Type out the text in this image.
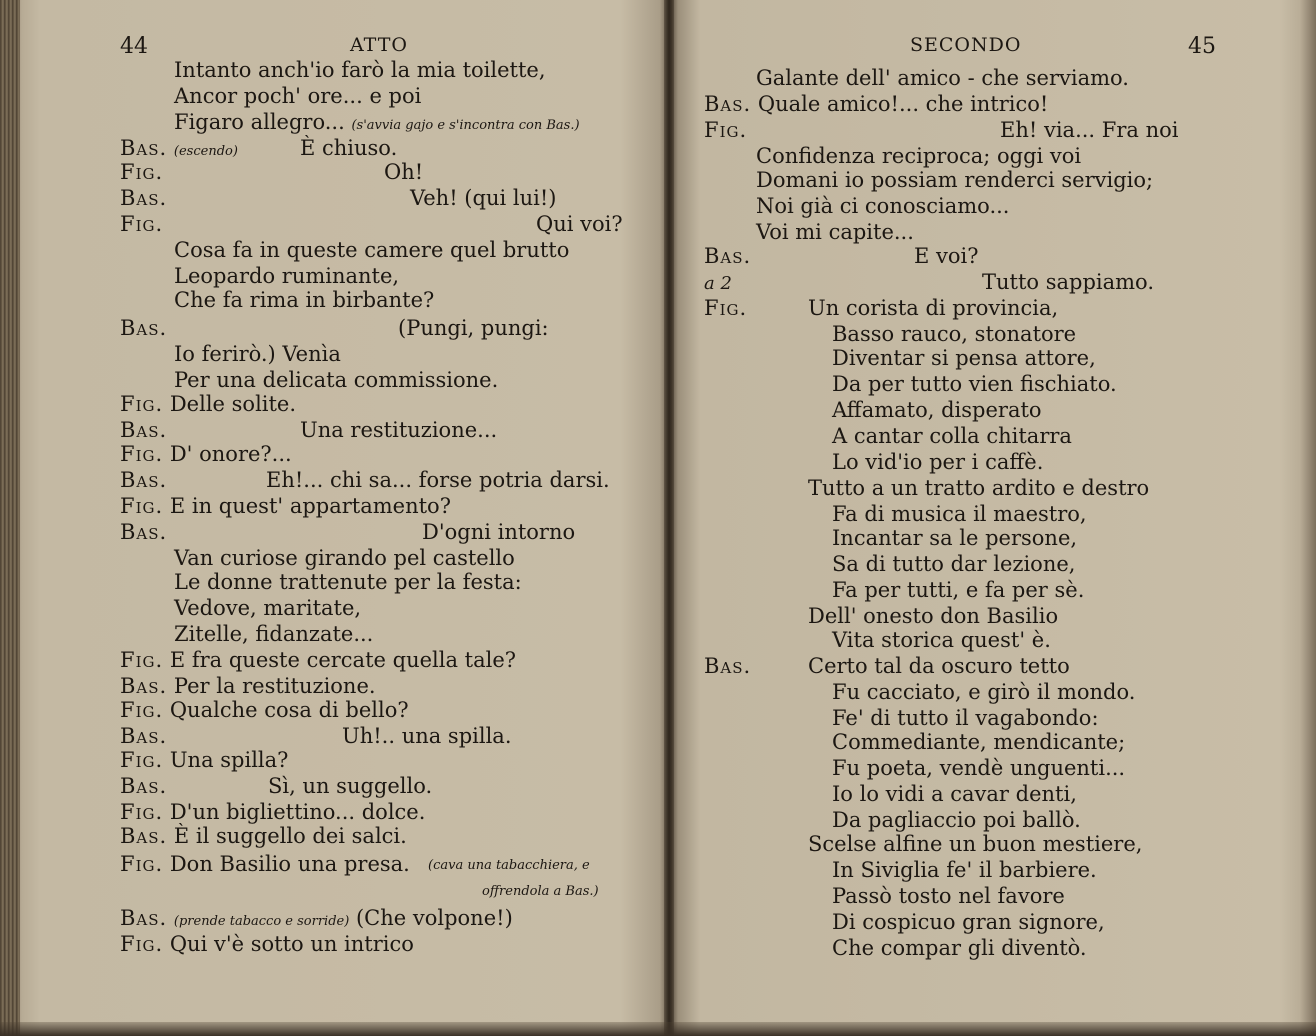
44	ATTO
Intanto anch'io farò la mia toilette,
Ancor poch' ore... e poi
Figaro allegro... (s'avvia gajo e s'incontra con Bas.)
Bas. (escendo)	È chiuso.
Fig.	Oh!
Bas.	Veh! (qui lui!)
Fig.	Qui voi?
Cosa fa in queste camere quel brutto
Leopardo ruminante,
Che fa rima in birbante?
Bas.	(Pungi, pungi:
Io ferirò.) Venìa
Per una delicata commissione.
Fig. Delle solite.
Bas.	Una restituzione...
Fig. D' onore?...
Bas.	Eh!... chi sa... forse potria darsi.
Fig. E in quest' appartamento?
Bas.	D'ogni intorno
Van curiose girando pel castello
Le donne trattenute per la festa:
Vedove, maritate,
Zitelle, fidanzate...
Fig. E fra queste cercate quella tale?
Bas. Per la restituzione.
Fig. Qualche cosa di bello?
Bas.	Uh!.. una spilla.
Fig. Una spilla?
Bas.	Sì, un suggello.
Fig. D'un bigliettino... dolce.
Bas. È il suggello dei salci.
Fig. Don Basilio una presa. (cava una tabacchiera, e
offrendola a Bas.)
Bas. (prende tabacco e sorride) (Che volpone!)
Fig. Qui v'è sotto un intrico
SECONDO	45
Galante dell' amico - che serviamo.
Bas. Quale amico!... che intrico!
Fig.	Eh! via... Fra noi
Confidenza reciproca; oggi voi
Domani io possiam renderci servigio;
Noi già ci conosciamo...
Voi mi capite...
Bas.	E voi?
a 2	Tutto sappiamo.
Fig.	Un corista di provincia,
Basso rauco, stonatore
Diventar si pensa attore,
Da per tutto vien fischiato.
Affamato, disperato
A cantar colla chitarra
Lo vid'io per i caffè.
Tutto a un tratto ardito e destro
Fa di musica il maestro,
Incantar sa le persone,
Sa di tutto dar lezione,
Fa per tutti, e fa per sè.
Dell' onesto don Basilio
Vita storica quest' è.
Bas.	Certo tal da oscuro tetto
Fu cacciato, e girò il mondo.
Fe' di tutto il vagabondo:
Commediante, mendicante;
Fu poeta, vendè unguenti...
Io lo vidi a cavar denti,
Da pagliaccio poi ballò.
Scelse alfine un buon mestiere,
In Siviglia fe' il barbiere.
Passò tosto nel favore
Di cospicuo gran signore,
Che compar gli diventò.
